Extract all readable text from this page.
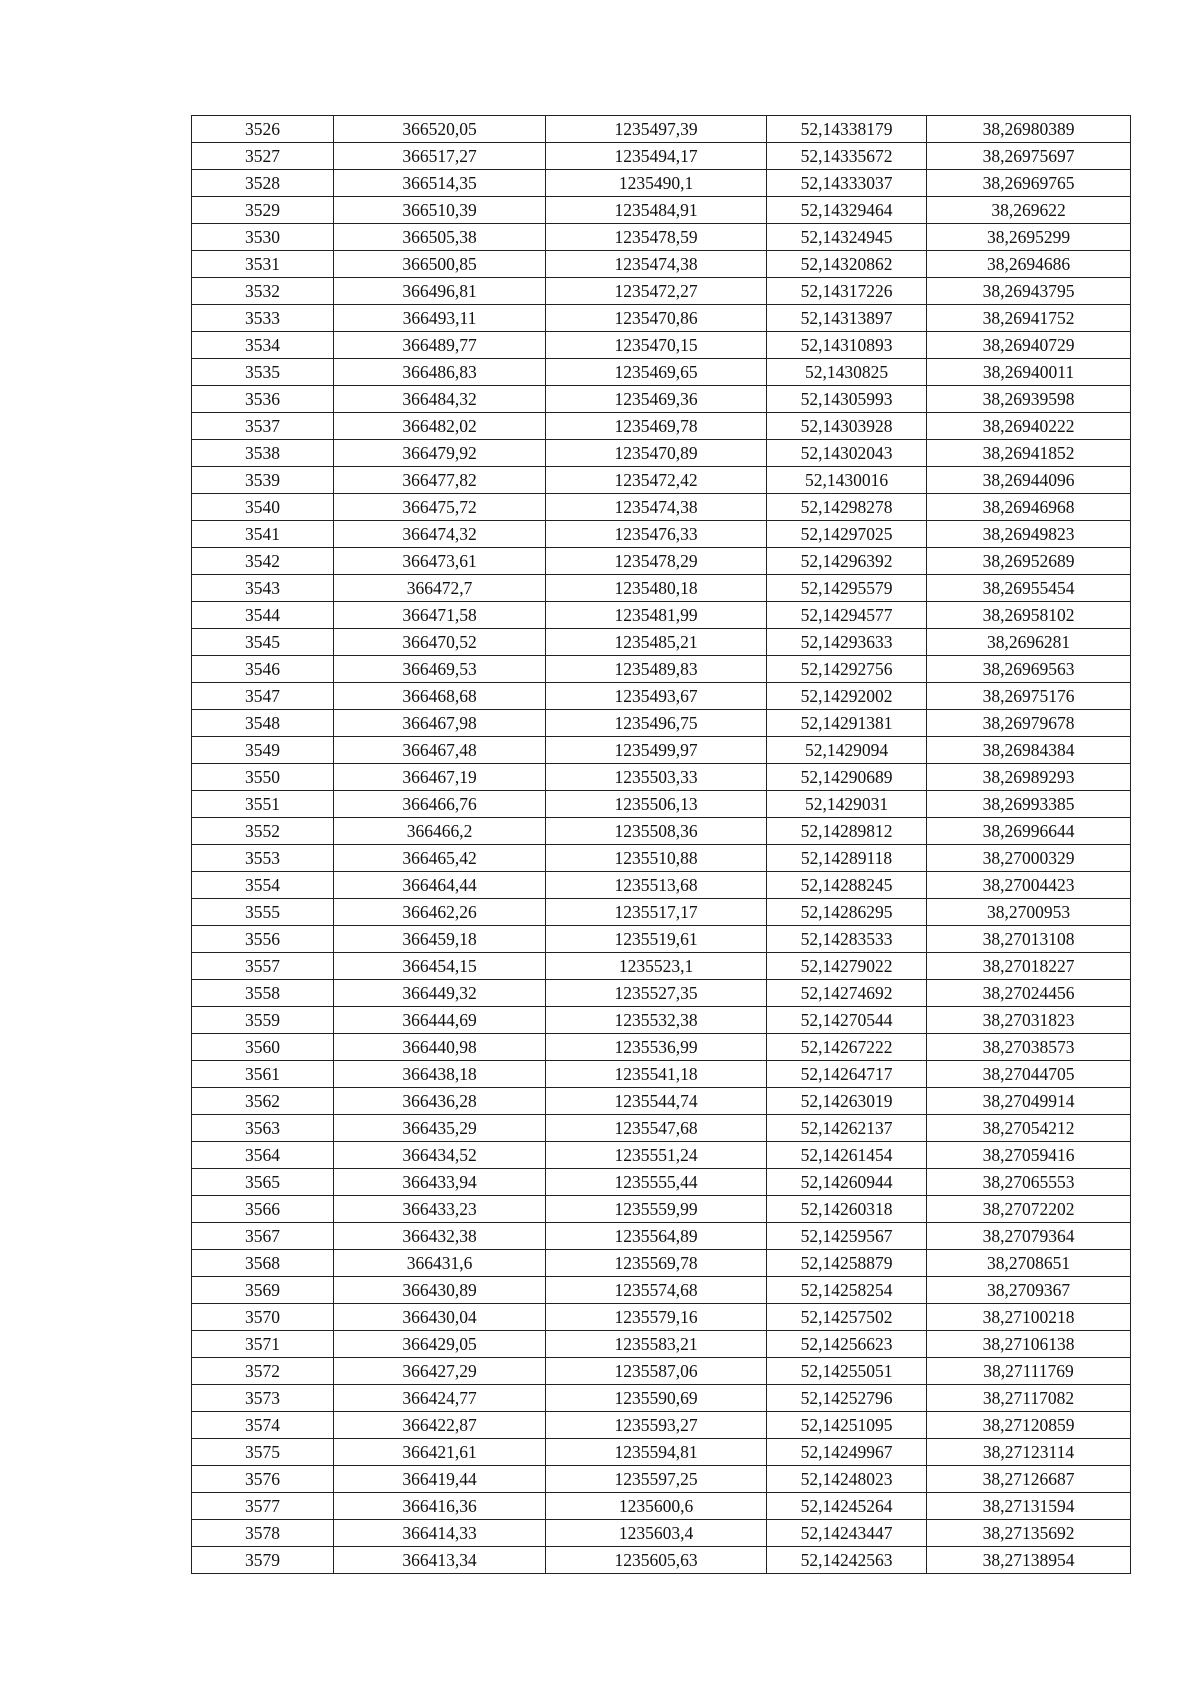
3526	366520,05	1235497,39	52,14338179	38,26980389
3527	366517,27	1235494,17	52,14335672	38,26975697
3528	366514,35	1235490,1	52,14333037	38,26969765
3529	366510,39	1235484,91	52,14329464	38,269622
3530	366505,38	1235478,59	52,14324945	38,2695299
3531	366500,85	1235474,38	52,14320862	38,2694686
3532	366496,81	1235472,27	52,14317226	38,26943795
3533	366493,11	1235470,86	52,14313897	38,26941752
3534	366489,77	1235470,15	52,14310893	38,26940729
3535	366486,83	1235469,65	52,1430825	38,26940011
3536	366484,32	1235469,36	52,14305993	38,26939598
3537	366482,02	1235469,78	52,14303928	38,26940222
3538	366479,92	1235470,89	52,14302043	38,26941852
3539	366477,82	1235472,42	52,1430016	38,26944096
3540	366475,72	1235474,38	52,14298278	38,26946968
3541	366474,32	1235476,33	52,14297025	38,26949823
3542	366473,61	1235478,29	52,14296392	38,26952689
3543	366472,7	1235480,18	52,14295579	38,26955454
3544	366471,58	1235481,99	52,14294577	38,26958102
3545	366470,52	1235485,21	52,14293633	38,2696281
3546	366469,53	1235489,83	52,14292756	38,26969563
3547	366468,68	1235493,67	52,14292002	38,26975176
3548	366467,98	1235496,75	52,14291381	38,26979678
3549	366467,48	1235499,97	52,1429094	38,26984384
3550	366467,19	1235503,33	52,14290689	38,26989293
3551	366466,76	1235506,13	52,1429031	38,26993385
3552	366466,2	1235508,36	52,14289812	38,26996644
3553	366465,42	1235510,88	52,14289118	38,27000329
3554	366464,44	1235513,68	52,14288245	38,27004423
3555	366462,26	1235517,17	52,14286295	38,2700953
3556	366459,18	1235519,61	52,14283533	38,27013108
3557	366454,15	1235523,1	52,14279022	38,27018227
3558	366449,32	1235527,35	52,14274692	38,27024456
3559	366444,69	1235532,38	52,14270544	38,27031823
3560	366440,98	1235536,99	52,14267222	38,27038573
3561	366438,18	1235541,18	52,14264717	38,27044705
3562	366436,28	1235544,74	52,14263019	38,27049914
3563	366435,29	1235547,68	52,14262137	38,27054212
3564	366434,52	1235551,24	52,14261454	38,27059416
3565	366433,94	1235555,44	52,14260944	38,27065553
3566	366433,23	1235559,99	52,14260318	38,27072202
3567	366432,38	1235564,89	52,14259567	38,27079364
3568	366431,6	1235569,78	52,14258879	38,2708651
3569	366430,89	1235574,68	52,14258254	38,2709367
3570	366430,04	1235579,16	52,14257502	38,27100218
3571	366429,05	1235583,21	52,14256623	38,27106138
3572	366427,29	1235587,06	52,14255051	38,27111769
3573	366424,77	1235590,69	52,14252796	38,27117082
3574	366422,87	1235593,27	52,14251095	38,27120859
3575	366421,61	1235594,81	52,14249967	38,27123114
3576	366419,44	1235597,25	52,14248023	38,27126687
3577	366416,36	1235600,6	52,14245264	38,27131594
3578	366414,33	1235603,4	52,14243447	38,27135692
3579	366413,34	1235605,63	52,14242563	38,27138954
